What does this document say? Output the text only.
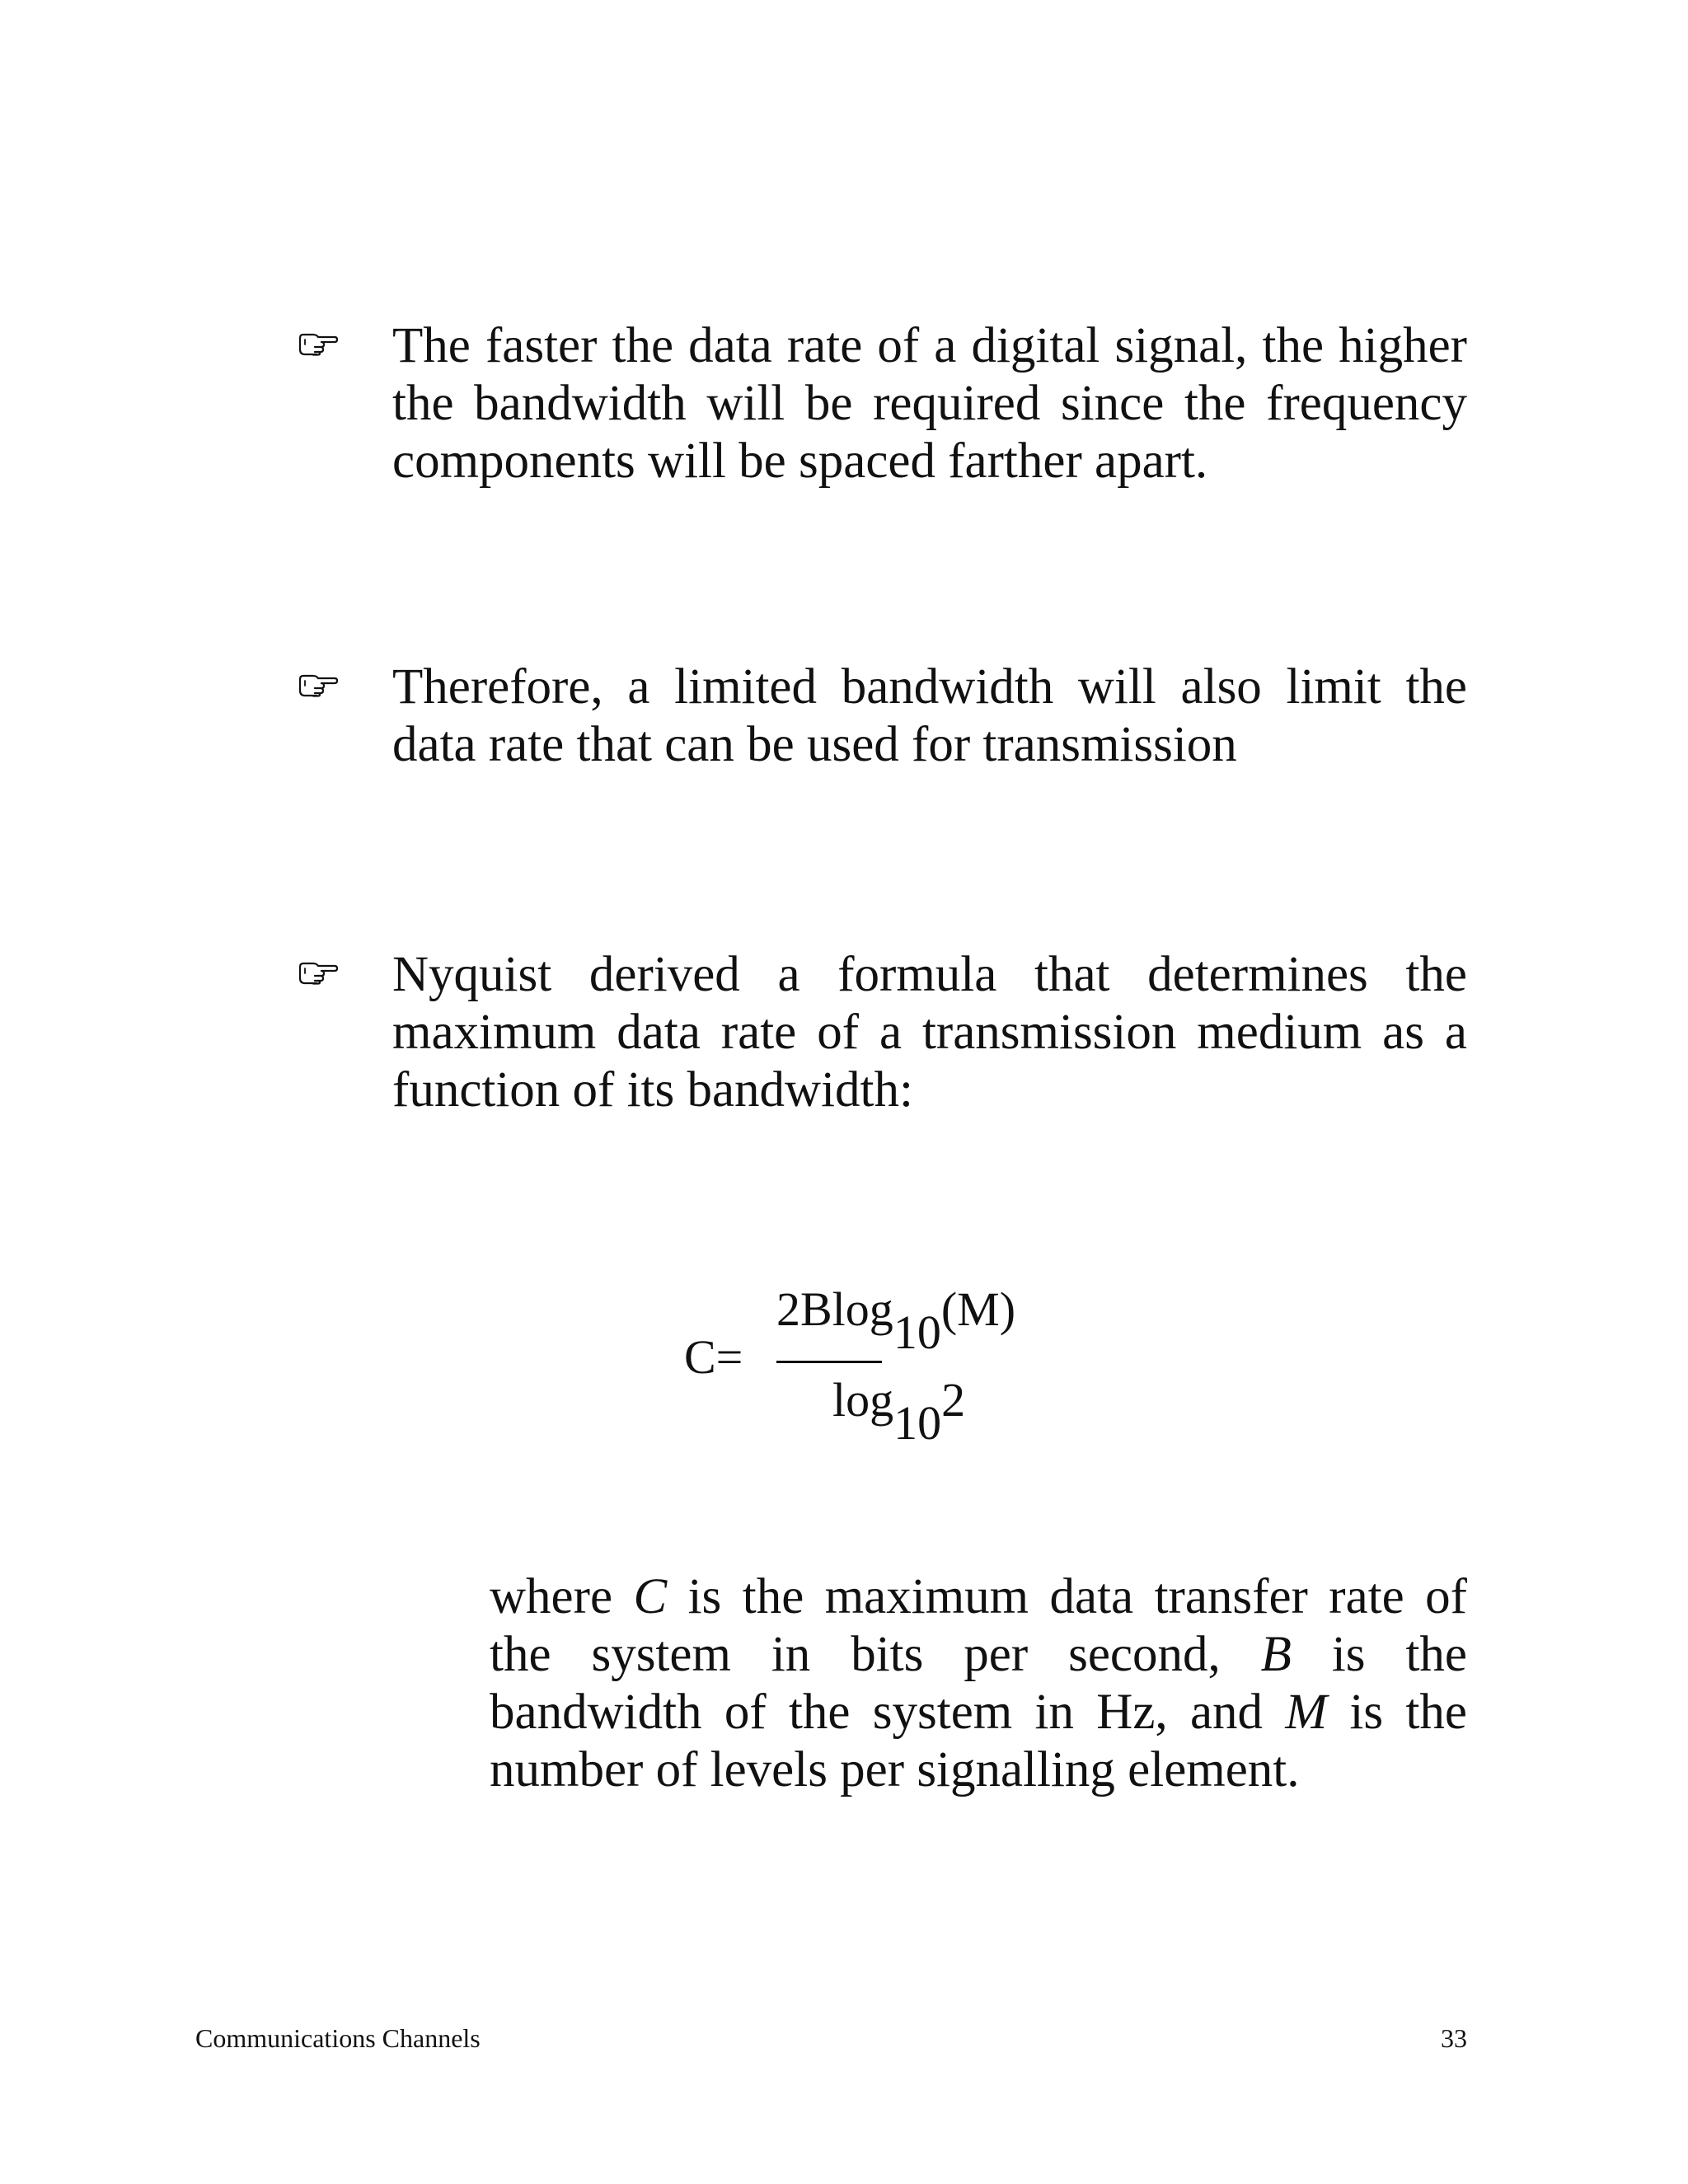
The faster the data rate of a digital signal, the higher the bandwidth will be required since the frequency components will be spaced farther apart.
Therefore, a limited bandwidth will also limit the data rate that can be used for transmission
Nyquist derived a formula that determines the maximum data rate of a transmission medium as a function of its bandwidth:
C=
2Blog10(M)
log102
where C is the maximum data transfer rate of the system in bits per second, B is the bandwidth of the system in Hz, and M is the number of levels per signalling element.
Communications Channels	33
